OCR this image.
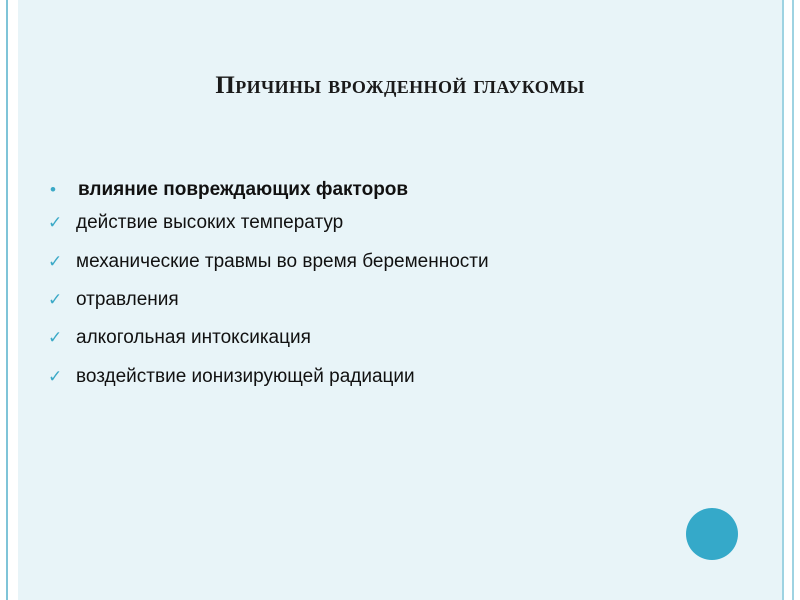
Причины врожденной глаукомы
•	влияние повреждающих факторов
✓ действие высоких температур
✓ механические травмы во время беременности
✓ отравления
✓ алкогольная интоксикация
✓ воздействие ионизирующей радиации
